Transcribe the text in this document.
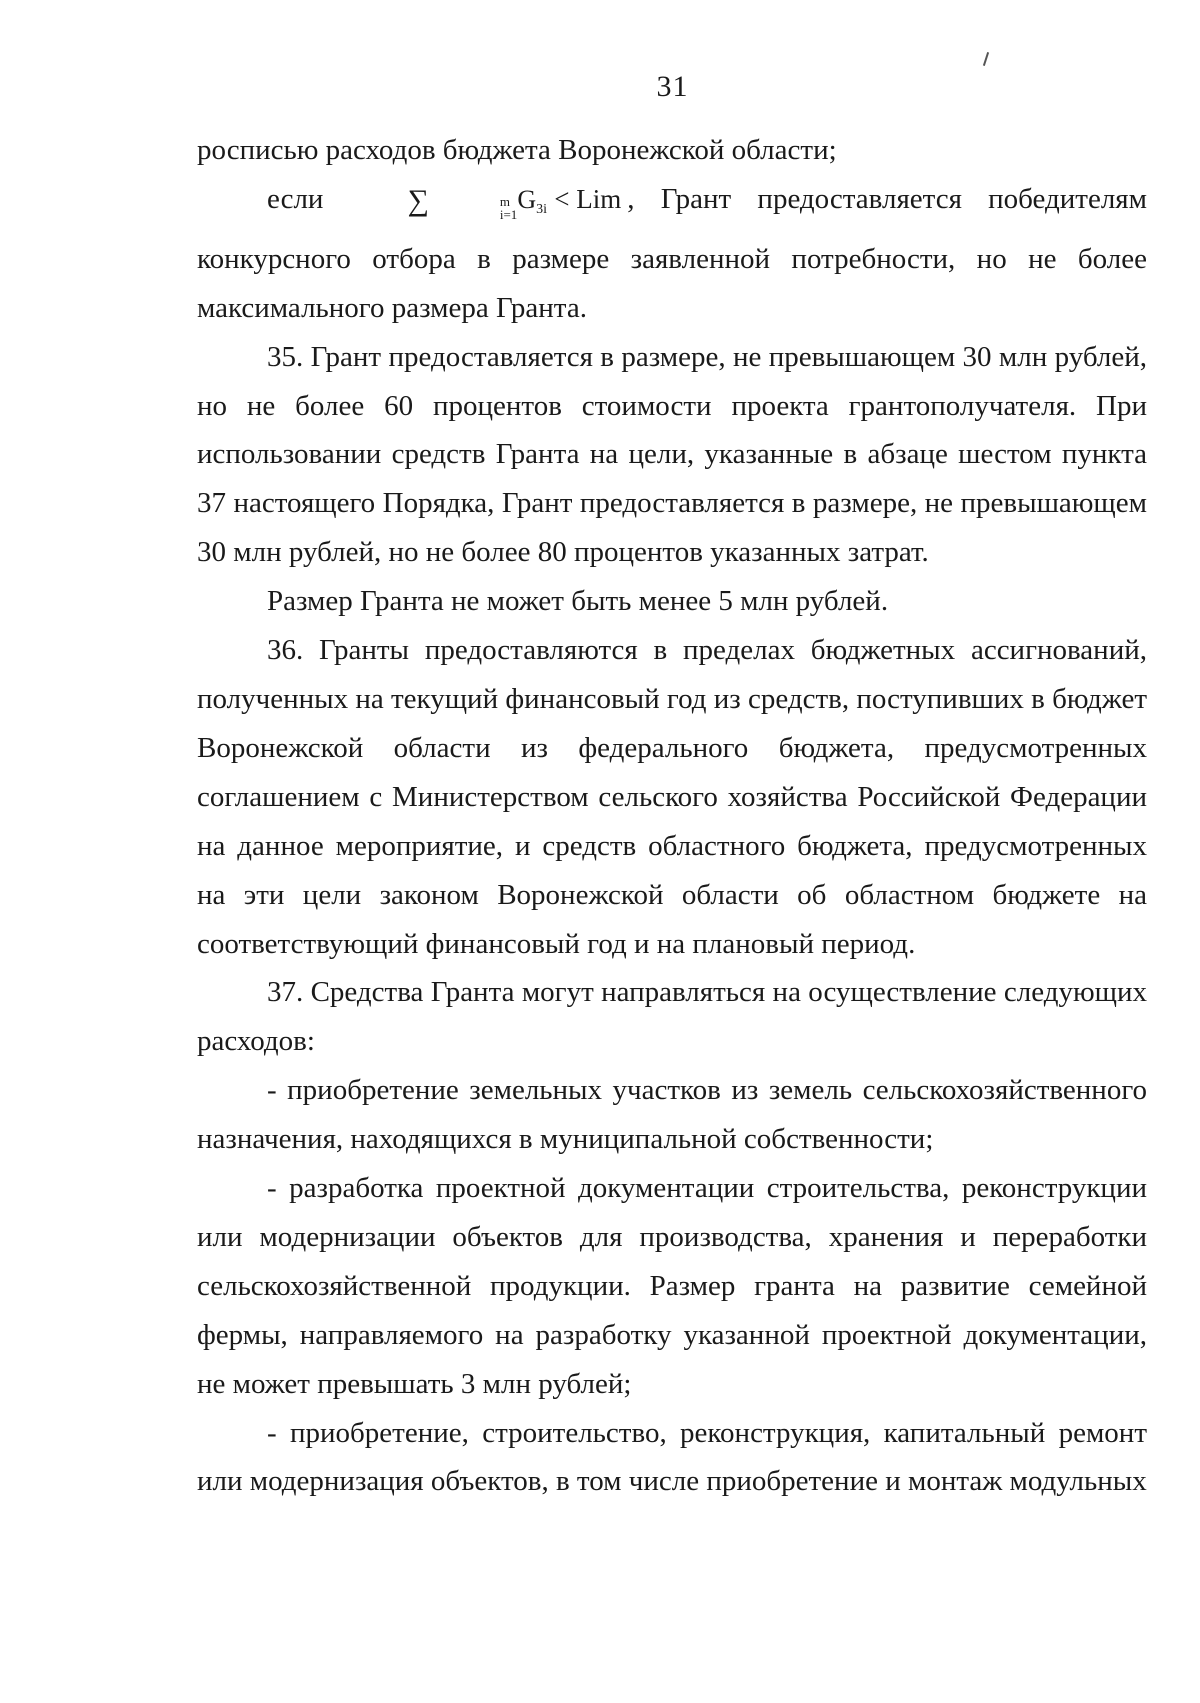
31

росписью расходов бюджета Воронежской области;

если	∑	m
i=1
G3i < Lim , Грант предоставляется победителям конкурсного отбора в размере заявленной потребности, но не более максимального размера Гранта.

35. Грант предоставляется в размере, не превышающем 30 млн рублей, но не более 60 процентов стоимости проекта грантополучателя. При использовании средств Гранта на цели, указанные в абзаце шестом пункта 37 настоящего Порядка, Грант предоставляется в размере, не превышающем 30 млн рублей, но не более 80 процентов указанных затрат.

Размер Гранта не может быть менее 5 млн рублей.

36. Гранты предоставляются в пределах бюджетных ассигнований, полученных на текущий финансовый год из средств, поступивших в бюджет Воронежской области из федерального бюджета, предусмотренных соглашением с Министерством сельского хозяйства Российской Федерации на данное мероприятие, и средств областного бюджета, предусмотренных на эти цели законом Воронежской области об областном бюджете на соответствующий финансовый год и на плановый период.

37. Средства Гранта могут направляться на осуществление следующих расходов:

- приобретение земельных участков из земель сельскохозяйственного назначения, находящихся в муниципальной собственности;

- разработка проектной документации строительства, реконструкции или модернизации объектов для производства, хранения и переработки сельскохозяйственной продукции. Размер гранта на развитие семейной фермы, направляемого на разработку указанной проектной документации, не может превышать 3 млн рублей;

- приобретение, строительство, реконструкция, капитальный ремонт или модернизация объектов, в том числе приобретение и монтаж модульных
